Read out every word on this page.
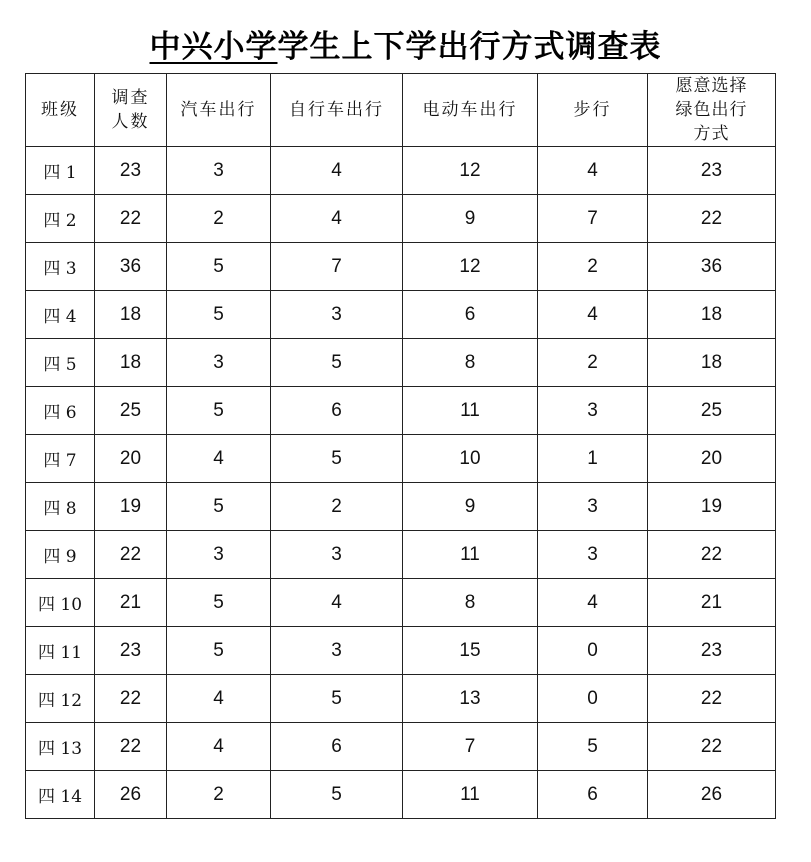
中兴小学学生上下学出行方式调查表
班级	调查人数	汽车出行	自行车出行	电动车出行	步行	愿意选择绿色出行方式
四 1	23	3	4	12	4	23
四 2	22	2	4	9	7	22
四 3	36	5	7	12	2	36
四 4	18	5	3	6	4	18
四 5	18	3	5	8	2	18
四 6	25	5	6	11	3	25
四 7	20	4	5	10	1	20
四 8	19	5	2	9	3	19
四 9	22	3	3	11	3	22
四 10	21	5	4	8	4	21
四 11	23	5	3	15	0	23
四 12	22	4	5	13	0	22
四 13	22	4	6	7	5	22
四 14	26	2	5	11	6	26
